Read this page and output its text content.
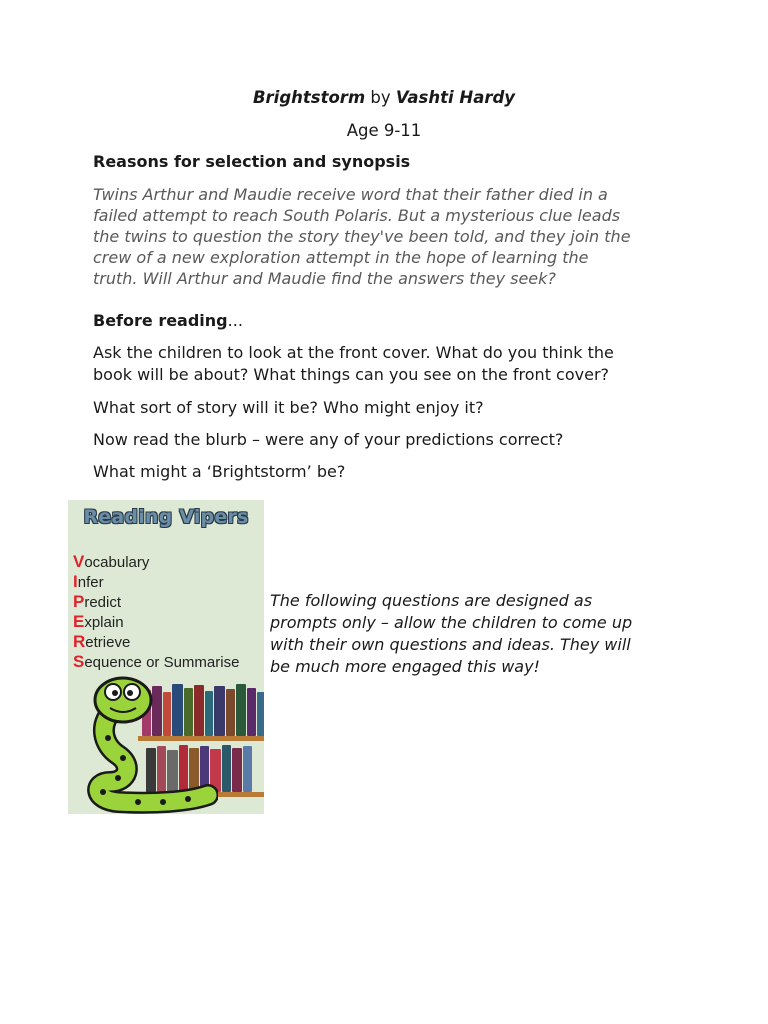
Brightstorm by Vashti Hardy
Age 9-11
Reasons for selection and synopsis
Twins Arthur and Maudie receive word that their father died in a
failed attempt to reach South Polaris. But a mysterious clue leads
the twins to question the story they've been told, and they join the
crew of a new exploration attempt in the hope of learning the
truth. Will Arthur and Maudie find the answers they seek?
Before reading...
Ask the children to look at the front cover. What do you think the
book will be about? What things can you see on the front cover?
What sort of story will it be? Who might enjoy it?
Now read the blurb – were any of your predictions correct?
What might a ‘Brightstorm’ be?
Reading Vipers
Vocabulary
Infer
Predict
Explain
Retrieve
Sequence or Summarise
The following questions are designed as
prompts only – allow the children to come up
with their own questions and ideas. They will
be much more engaged this way!
